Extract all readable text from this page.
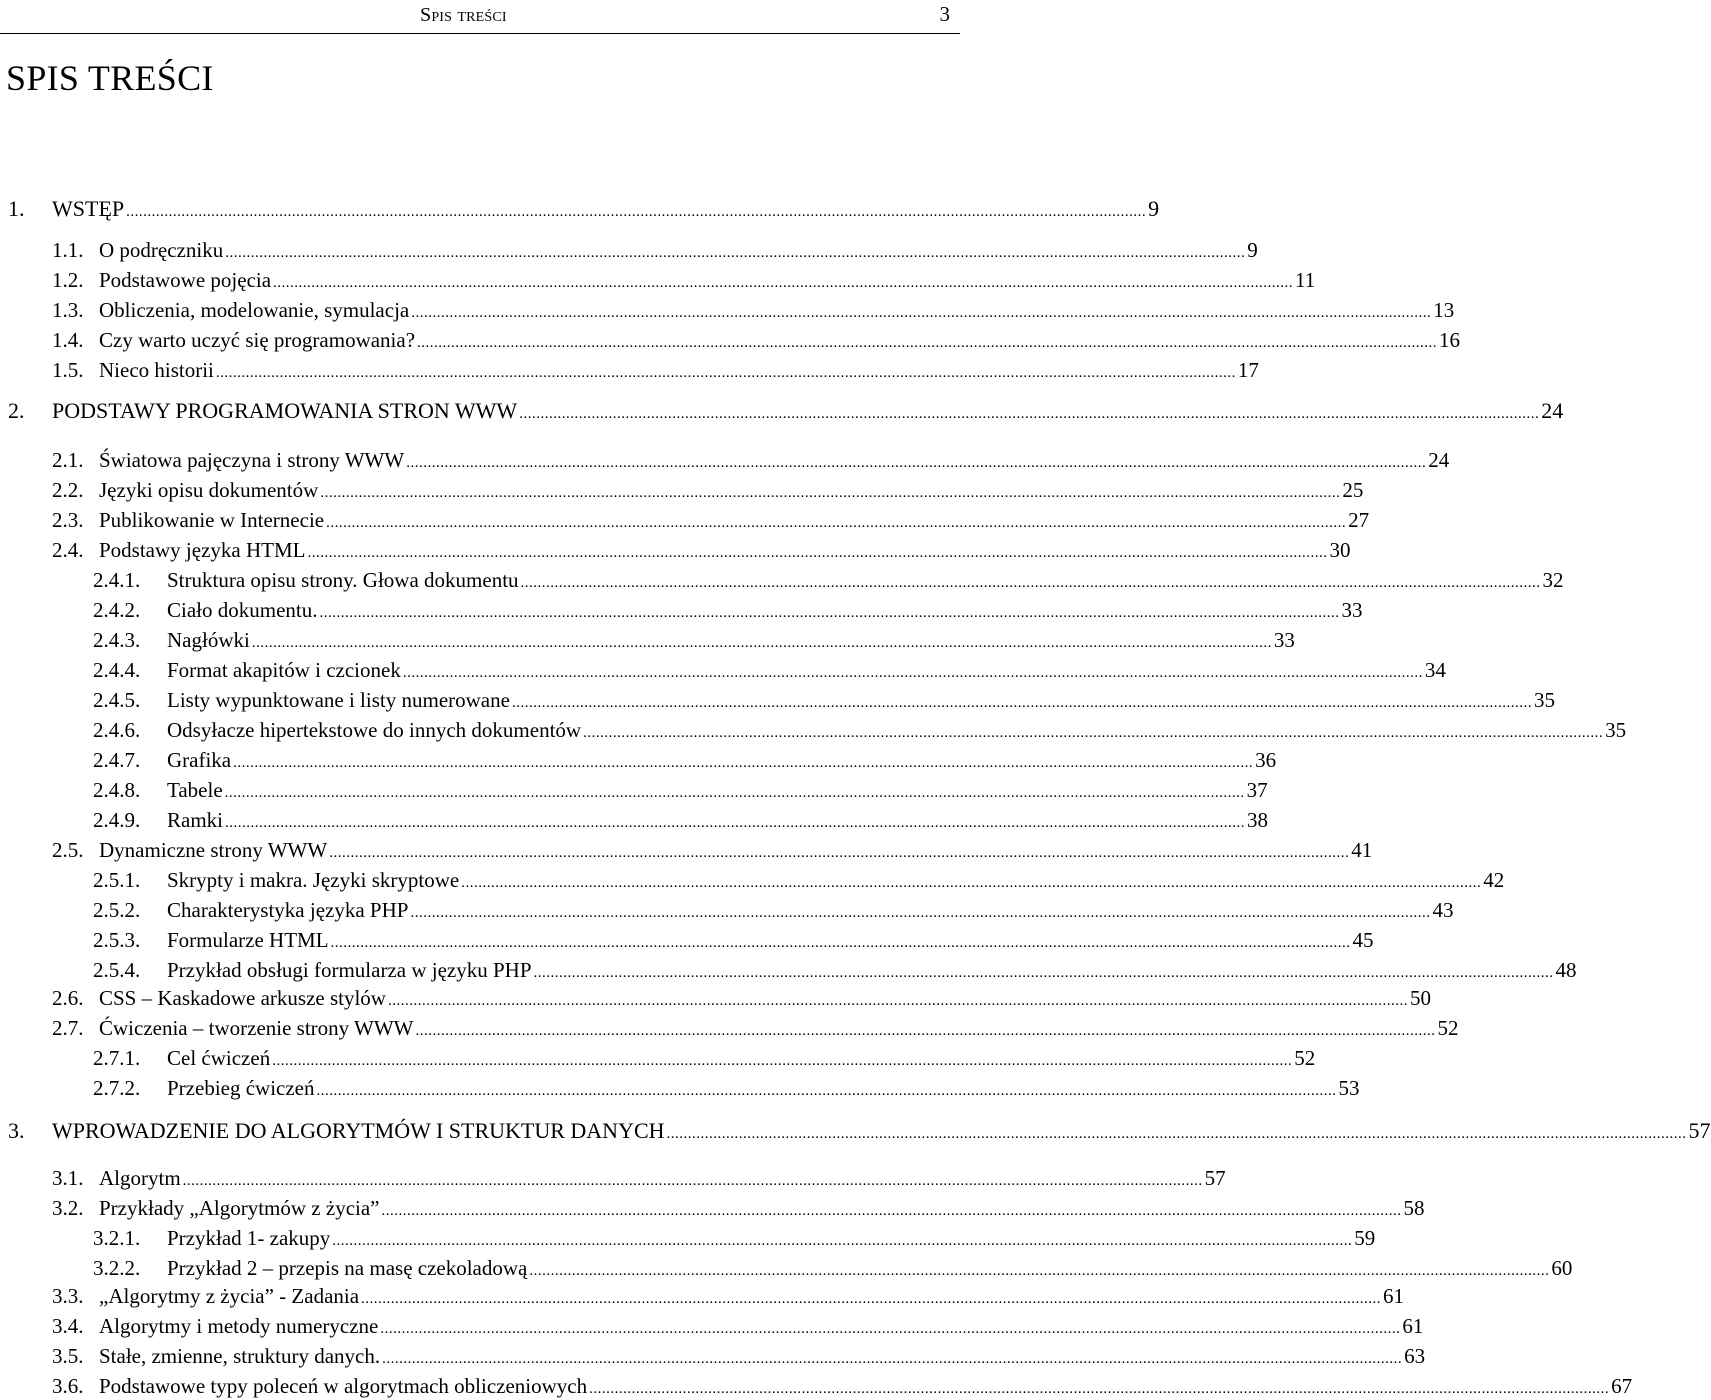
Spis treści	3
SPIS TREŚCI
1.	WSTĘP ................................................................................................................................................................................................................................................ 9
1.1. O podręczniku ................................................................................................................................................................................................................................................ 9
1.2. Podstawowe pojęcia ................................................................................................................................................................................................................................................ 11
1.3. Obliczenia, modelowanie, symulacja ................................................................................................................................................................................................................................................ 13
1.4. Czy warto uczyć się programowania? ................................................................................................................................................................................................................................................ 16
1.5. Nieco historii ................................................................................................................................................................................................................................................ 17
2.	PODSTAWY PROGRAMOWANIA STRON WWW ................................................................................................................................................................................................................................................ 24
2.1. Światowa pajęczyna i strony WWW ................................................................................................................................................................................................................................................ 24
2.2. Języki opisu dokumentów ................................................................................................................................................................................................................................................ 25
2.3. Publikowanie w Internecie ................................................................................................................................................................................................................................................ 27
2.4. Podstawy języka HTML ................................................................................................................................................................................................................................................ 30
2.4.1.	Struktura opisu strony. Głowa dokumentu ................................................................................................................................................................................................................................................ 32
2.4.2.	Ciało dokumentu. ................................................................................................................................................................................................................................................ 33
2.4.3.	Nagłówki ................................................................................................................................................................................................................................................ 33
2.4.4.	Format akapitów i czcionek ................................................................................................................................................................................................................................................ 34
2.4.5.	Listy wypunktowane i listy numerowane ................................................................................................................................................................................................................................................ 35
2.4.6.	Odsyłacze hipertekstowe do innych dokumentów ................................................................................................................................................................................................................................................ 35
2.4.7.	Grafika ................................................................................................................................................................................................................................................ 36
2.4.8.	Tabele ................................................................................................................................................................................................................................................ 37
2.4.9.	Ramki ................................................................................................................................................................................................................................................ 38
2.5. Dynamiczne strony WWW ................................................................................................................................................................................................................................................ 41
2.5.1.	Skrypty i makra. Języki skryptowe ................................................................................................................................................................................................................................................ 42
2.5.2.	Charakterystyka języka PHP ................................................................................................................................................................................................................................................ 43
2.5.3.	Formularze HTML ................................................................................................................................................................................................................................................ 45
2.5.4.	Przykład obsługi formularza w języku PHP ................................................................................................................................................................................................................................................ 48
2.6. CSS – Kaskadowe arkusze stylów ................................................................................................................................................................................................................................................ 50
2.7. Ćwiczenia – tworzenie strony WWW ................................................................................................................................................................................................................................................ 52
2.7.1.	Cel ćwiczeń ................................................................................................................................................................................................................................................ 52
2.7.2.	Przebieg ćwiczeń ................................................................................................................................................................................................................................................ 53
3.	WPROWADZENIE DO ALGORYTMÓW I STRUKTUR DANYCH ................................................................................................................................................................................................................................................ 57
3.1. Algorytm ................................................................................................................................................................................................................................................ 57
3.2. Przykłady „Algorytmów z życia” ................................................................................................................................................................................................................................................ 58
3.2.1.	Przykład 1- zakupy ................................................................................................................................................................................................................................................ 59
3.2.2.	Przykład 2 – przepis na masę czekoladową ................................................................................................................................................................................................................................................ 60
3.3. „Algorytmy z życia” - Zadania ................................................................................................................................................................................................................................................ 61
3.4. Algorytmy i metody numeryczne ................................................................................................................................................................................................................................................ 61
3.5. Stałe, zmienne, struktury danych. ................................................................................................................................................................................................................................................ 63
3.6. Podstawowe typy poleceń w algorytmach obliczeniowych ................................................................................................................................................................................................................................................ 67
